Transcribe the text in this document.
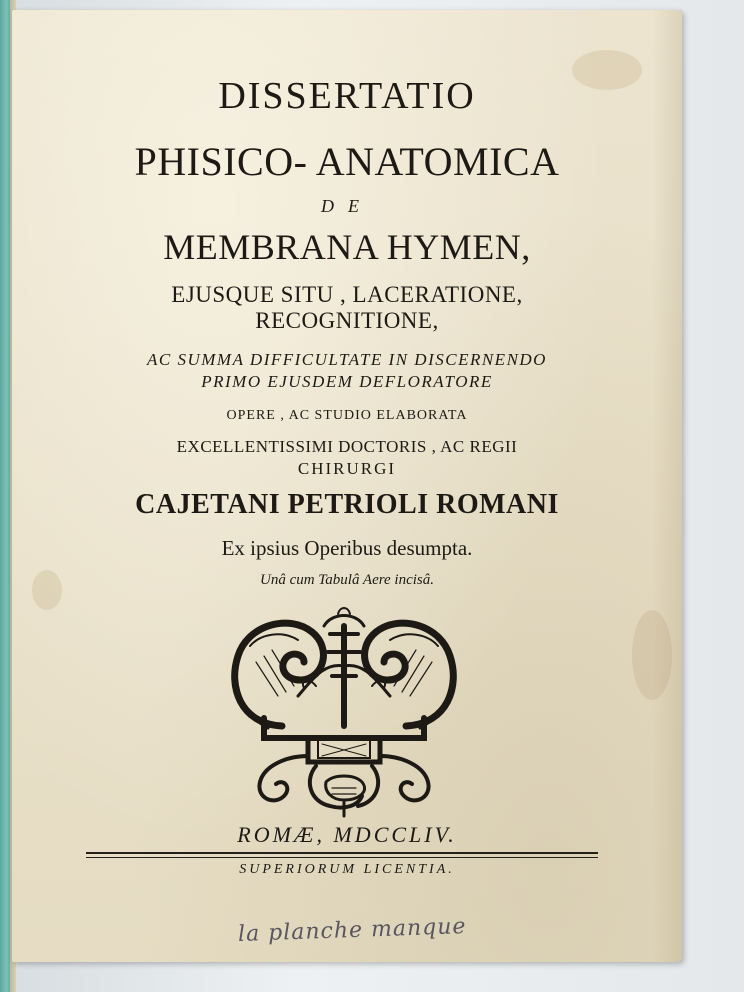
DISSERTATIO
PHISICO- ANATOMICA
DE
MEMBRANA HYMEN,
EJUSQUE SITU , LACERATIONE,
RECOGNITIONE,
AC SUMMA DIFFICULTATE IN DISCERNENDO
PRIMO EJUSDEM DEFLORATORE
OPERE , AC STUDIO ELABORATA
EXCELLENTISSIMI DOCTORIS , AC REGII
CHIRURGI
CAJETANI PETRIOLI ROMANI
Ex ipsius Operibus desumpta.
Unâ cum Tabulâ Aere incisâ.
ROMÆ, MDCCLIV.
SUPERIORUM LICENTIA.
la planche manque
